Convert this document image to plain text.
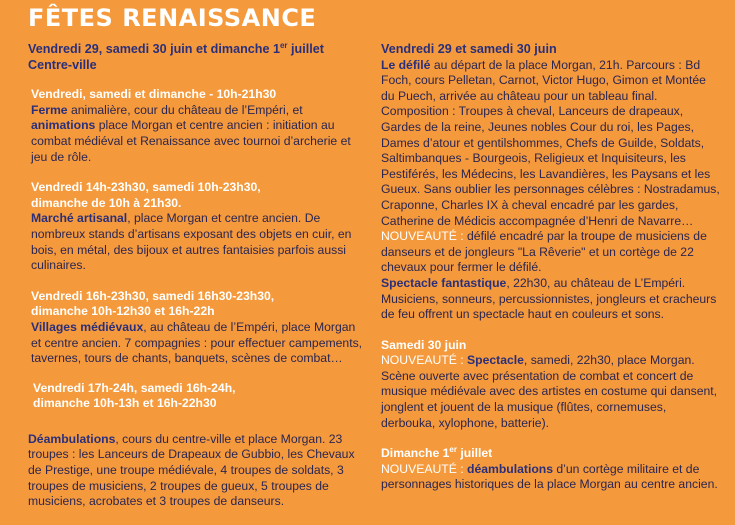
FÊTES RENAISSANCE
Vendredi 29, samedi 30 juin et dimanche 1er juillet
Centre-ville
Vendredi, samedi et dimanche - 10h-21h30
Ferme animalière, cour du château de l’Empéri, et
animations place Morgan et centre ancien : initiation au combat médiéval et Renaissance avec tournoi d’archerie et jeu de rôle.
Vendredi 14h-23h30, samedi 10h-23h30,
dimanche de 10h à 21h30.
Marché artisanal, place Morgan et centre ancien. De nombreux stands d’artisans exposant des objets en cuir, en bois, en métal, des bijoux et autres fantaisies parfois aussi culinaires.
Vendredi 16h-23h30, samedi 16h30-23h30,
dimanche 10h-12h30 et 16h-22h
Villages médiévaux, au château de l’Empéri, place Morgan et centre ancien. 7 compagnies : pour effectuer campements, tavernes, tours de chants, banquets, scènes de combat…
Vendredi 17h-24h, samedi 16h-24h,
dimanche 10h-13h et 16h-22h30
Déambulations, cours du centre-ville et place Morgan. 23 troupes : les Lanceurs de Drapeaux de Gubbio, les Chevaux de Prestige, une troupe médiévale, 4 troupes de soldats, 3 troupes de musiciens, 2 troupes de gueux, 5 troupes de musiciens, acrobates et 3 troupes de danseurs.
Vendredi 29 et samedi 30 juin
Le défilé au départ de la place Morgan, 21h. Parcours : Bd Foch, cours Pelletan, Carnot, Victor Hugo, Gimon et Montée du Puech, arrivée au château pour un tableau final. Composition : Troupes à cheval, Lanceurs de drapeaux, Gardes de la reine, Jeunes nobles Cour du roi, les Pages, Dames d’atour et gentilshommes, Chefs de Guilde, Soldats, Saltimbanques - Bourgeois, Religieux et Inquisiteurs, les Pestiférés, les Médecins, les Lavandières, les Paysans et les Gueux. Sans oublier les personnages célèbres : Nostradamus, Craponne, Charles IX à cheval encadré par les gardes, Catherine de Médicis accompagnée d’Henri de Navarre…
NOUVEAUTÉ : défilé encadré par la troupe de musiciens de danseurs et de jongleurs "La Rêverie" et un cortège de 22 chevaux pour fermer le défilé.
Spectacle fantastique, 22h30, au château de L’Empéri. Musiciens, sonneurs, percussionnistes, jongleurs et cracheurs de feu offrent un spectacle haut en couleurs et sons.
Samedi 30 juin
NOUVEAUTÉ : Spectacle, samedi, 22h30, place Morgan. Scène ouverte avec présentation de combat et concert de musique médiévale avec des artistes en costume qui dansent, jonglent et jouent de la musique (flûtes, cornemuses, derbouka, xylophone, batterie).
Dimanche 1er juillet
NOUVEAUTÉ : déambulations d’un cortège militaire et de personnages historiques de la place Morgan au centre ancien.
